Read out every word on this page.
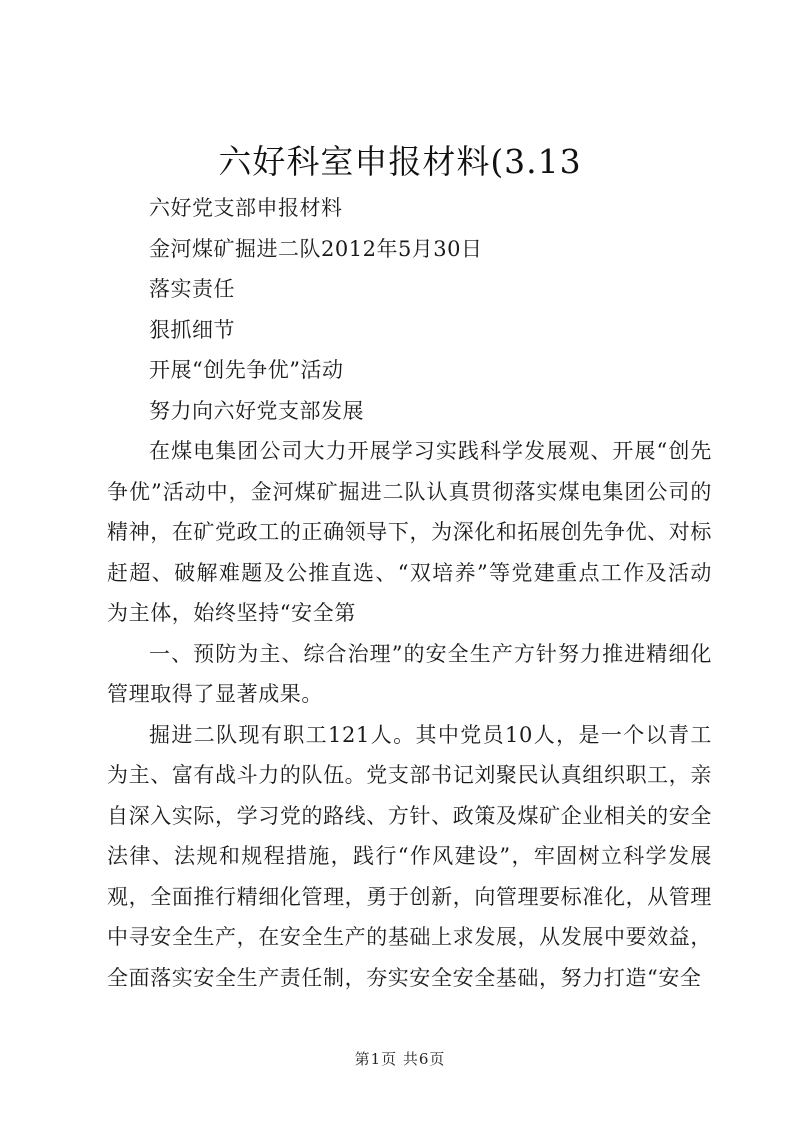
六好科室申报材料(3.13
六好党支部申报材料
金河煤矿掘进二队2012年5月30日
落实责任
狠抓细节
开展“创先争优”活动
努力向六好党支部发展

在煤电集团公司大力开展学习实践科学发展观、开展“创先争优”活动中，金河煤矿掘进二队认真贯彻落实煤电集团公司的精神，在矿党政工的正确领导下，为深化和拓展创先争优、对标赶超、破解难题及公推直选、“双培养”等党建重点工作及活动为主体，始终坚持“安全第

一、预防为主、综合治理”的安全生产方针努力推进精细化管理取得了显著成果。

掘进二队现有职工121人。其中党员10人，是一个以青工为主、富有战斗力的队伍。党支部书记刘聚民认真组织职工，亲自深入实际，学习党的路线、方针、政策及煤矿企业相关的安全法律、法规和规程措施，践行“作风建设”，牢固树立科学发展观，全面推行精细化管理，勇于创新，向管理要标准化，从管理中寻安全生产，在安全生产的基础上求发展，从发展中要效益，全面落实安全生产责任制，夯实安全安全基础，努力打造“安全

第1页 共6页
